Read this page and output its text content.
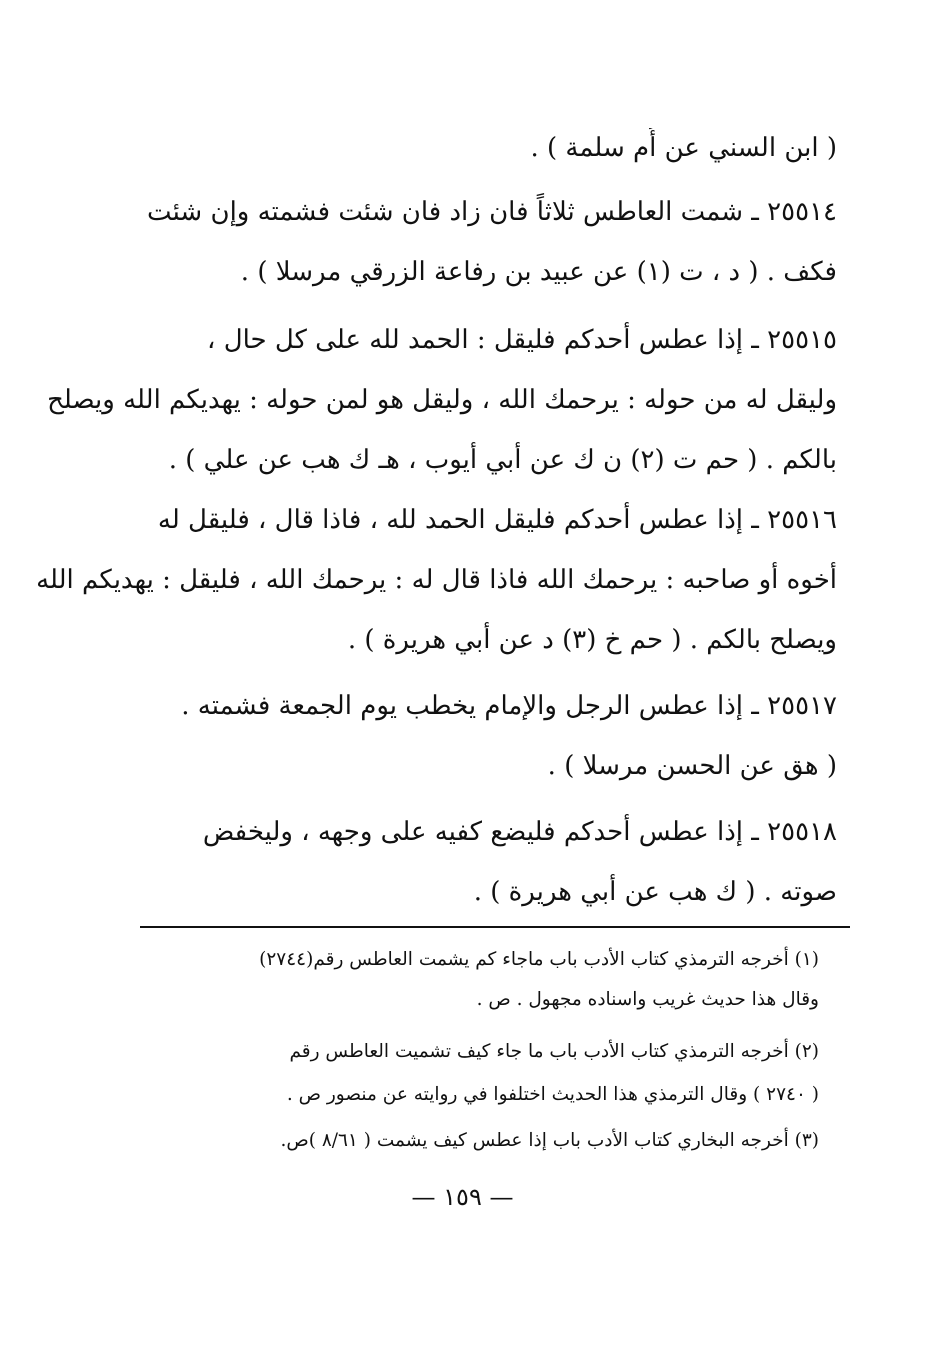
( ابن السني عن أُم سلمة ) .
٢٥٥١٤ ـ شمت العاطس ثلاثاً فان زاد فان شئت فشمته وإن شئت
فكف . ( د ، ت (١) عن عبيد بن رفاعة الزرقي مرسلا ) .
٢٥٥١٥ ـ إذا عطس أحدكم فليقل : الحمد لله على كل حال ،
وليقل له من حوله : يرحمك الله ، وليقل هو لمن حوله : يهديكم الله ويصلح
بالكم . ( حم ت (٢) ن ك عن أبي أيوب ، هـ ك هب عن علي ) .
٢٥٥١٦ ـ إذا عطس أحدكم فليقل الحمد لله ، فاذا قال ، فليقل له
أخوه أو صاحبه : يرحمك الله فاذا قال له : يرحمك الله ، فليقل : يهديكم الله
ويصلح بالكم . ( حم خ (٣) د عن أبي هريرة ) .
٢٥٥١٧ ـ إذا عطس الرجل والإمام يخطب يوم الجمعة فشمته .
( هق عن الحسن مرسلا ) .
٢٥٥١٨ ـ إذا عطس أحدكم فليضع كفيه على وجهه ، وليخفض
صوته . ( ك هب عن أبي هريرة ) .
(١) أخرجه الترمذي كتاب الأدب باب ماجاء كم يشمت العاطس رقم(٢٧٤٤)
وقال هذا حديث غريب واسناده مجهول . ص .
(٢) أخرجه الترمذي كتاب الأدب باب ما جاء كيف تشميت العاطس رقم
( ٢٧٤٠ ) وقال الترمذي هذا الحديث اختلفوا في روايته عن منصور ص .
(٣) أخرجه البخاري كتاب الأدب باب إذا عطس كيف يشمت ( ٨/٦١ )ص.
— ١٥٩ —
